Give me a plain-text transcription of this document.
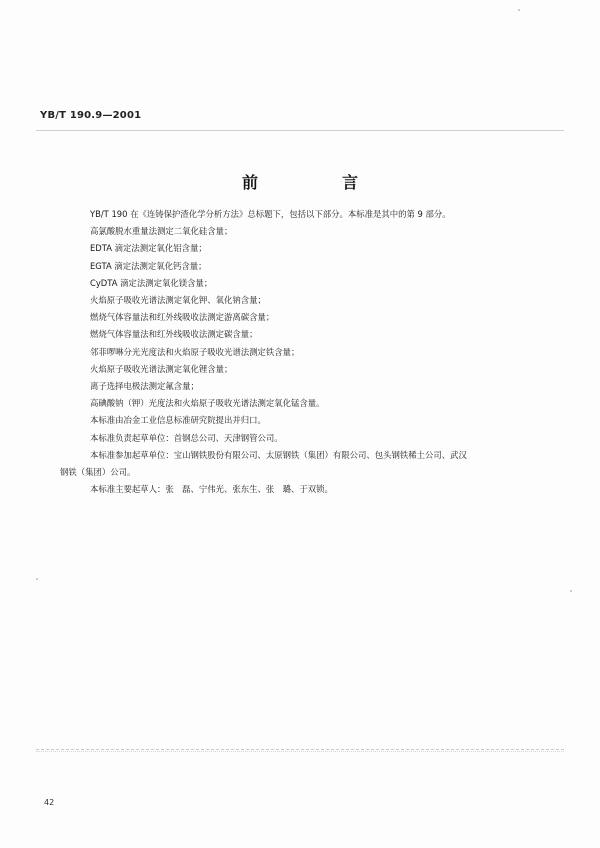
YB/T 190.9—2001
前　言
YB/T 190 在《连铸保护渣化学分析方法》总标题下，包括以下部分。本标准是其中的第 9 部分。
高氯酸脱水重量法测定二氧化硅含量；
EDTA 滴定法测定氧化铝含量；
EGTA 滴定法测定氧化钙含量；
CyDTA 滴定法测定氧化镁含量；
火焰原子吸收光谱法测定氧化钾、氧化钠含量；
燃烧气体容量法和红外线吸收法测定游离碳含量；
燃烧气体容量法和红外线吸收法测定碳含量；
邻菲啰啉分光光度法和火焰原子吸收光谱法测定铁含量；
火焰原子吸收光谱法测定氧化锂含量；
离子选择电极法测定氟含量；
高碘酸钠（钾）光度法和火焰原子吸收光谱法测定氧化锰含量。
本标准由冶金工业信息标准研究院提出并归口。
本标准负责起草单位：首钢总公司、天津钢管公司。
本标准参加起草单位：宝山钢铁股份有限公司、太原钢铁（集团）有限公司、包头钢铁稀土公司、武汉
钢铁（集团）公司。
本标准主要起草人：张　磊、宁伟光、张东生、张　璐、于双锁。
42
